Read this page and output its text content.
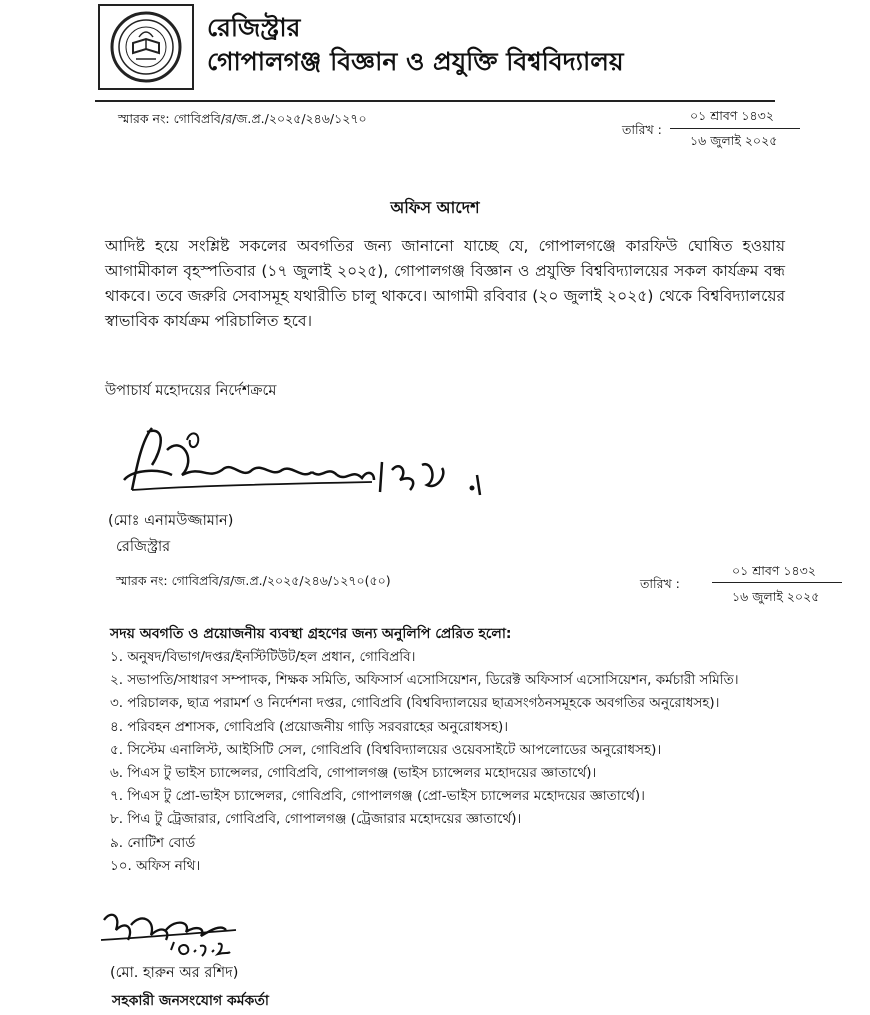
রেজিস্ট্রার
গোপালগঞ্জ বিজ্ঞান ও প্রযুক্তি বিশ্ববিদ্যালয়
স্মারক নং: গোবিপ্রবি/র/জ.প্র./২০২৫/২৪৬/১২৭০
তারিখ :
০১ শ্রাবণ ১৪৩২
১৬ জুলাই ২০২৫
অফিস আদেশ
আদিষ্ট হয়ে সংশ্লিষ্ট সকলের অবগতির জন্য জানানো যাচ্ছে যে, গোপালগঞ্জে কারফিউ ঘোষিত হওয়ায় আগামীকাল বৃহস্পতিবার (১৭ জুলাই ২০২৫), গোপালগঞ্জ বিজ্ঞান ও প্রযুক্তি বিশ্ববিদ্যালয়ের সকল কার্যক্রম বন্ধ থাকবে। তবে জরুরি সেবাসমূহ যথারীতি চালু থাকবে। আগামী রবিবার (২০ জুলাই ২০২৫) থেকে বিশ্ববিদ্যালয়ের স্বাভাবিক কার্যক্রম পরিচালিত হবে।
উপাচার্য মহোদয়ের নির্দেশক্রমে
(মোঃ এনামউজ্জামান)
রেজিস্ট্রার
স্মারক নং: গোবিপ্রবি/র/জ.প্র./২০২৫/২৪৬/১২৭০(৫০)	তারিখ :
০১ শ্রাবণ ১৪৩২
১৬ জুলাই ২০২৫
সদয় অবগতি ও প্রয়োজনীয় ব্যবস্থা গ্রহণের জন্য অনুলিপি প্রেরিত হলো:
১. অনুষদ/বিভাগ/দপ্তর/ইনস্টিটিউট/হল প্রধান, গোবিপ্রবি।
২. সভাপতি/সাধারণ সম্পাদক, শিক্ষক সমিতি, অফিসার্স এসোসিয়েশন, ডিরেক্ট অফিসার্স এসোসিয়েশন, কর্মচারী সমিতি।
৩. পরিচালক, ছাত্র পরামর্শ ও নির্দেশনা দপ্তর, গোবিপ্রবি (বিশ্ববিদ্যালয়ের ছাত্রসংগঠনসমূহকে অবগতির অনুরোধসহ)।
৪. পরিবহন প্রশাসক, গোবিপ্রবি (প্রয়োজনীয় গাড়ি সরবরাহের অনুরোধসহ)।
৫. সিস্টেম এনালিস্ট, আইসিটি সেল, গোবিপ্রবি (বিশ্ববিদ্যালয়ের ওয়েবসাইটে আপলোডের অনুরোধসহ)।
৬. পিএস টু ভাইস চ্যান্সেলর, গোবিপ্রবি, গোপালগঞ্জ (ভাইস চ্যান্সেলর মহোদয়ের জ্ঞাতার্থে)।
৭. পিএস টু প্রো-ভাইস চ্যান্সেলর, গোবিপ্রবি, গোপালগঞ্জ (প্রো-ভাইস চ্যান্সেলর মহোদয়ের জ্ঞাতার্থে)।
৮. পিএ টু ট্রেজারার, গোবিপ্রবি, গোপালগঞ্জ (ট্রেজারার মহোদয়ের জ্ঞাতার্থে)।
৯. নোটিশ বোর্ড
১০. অফিস নথি।
(মো. হারুন অর রশিদ)
সহকারী জনসংযোগ কর্মকর্তা
